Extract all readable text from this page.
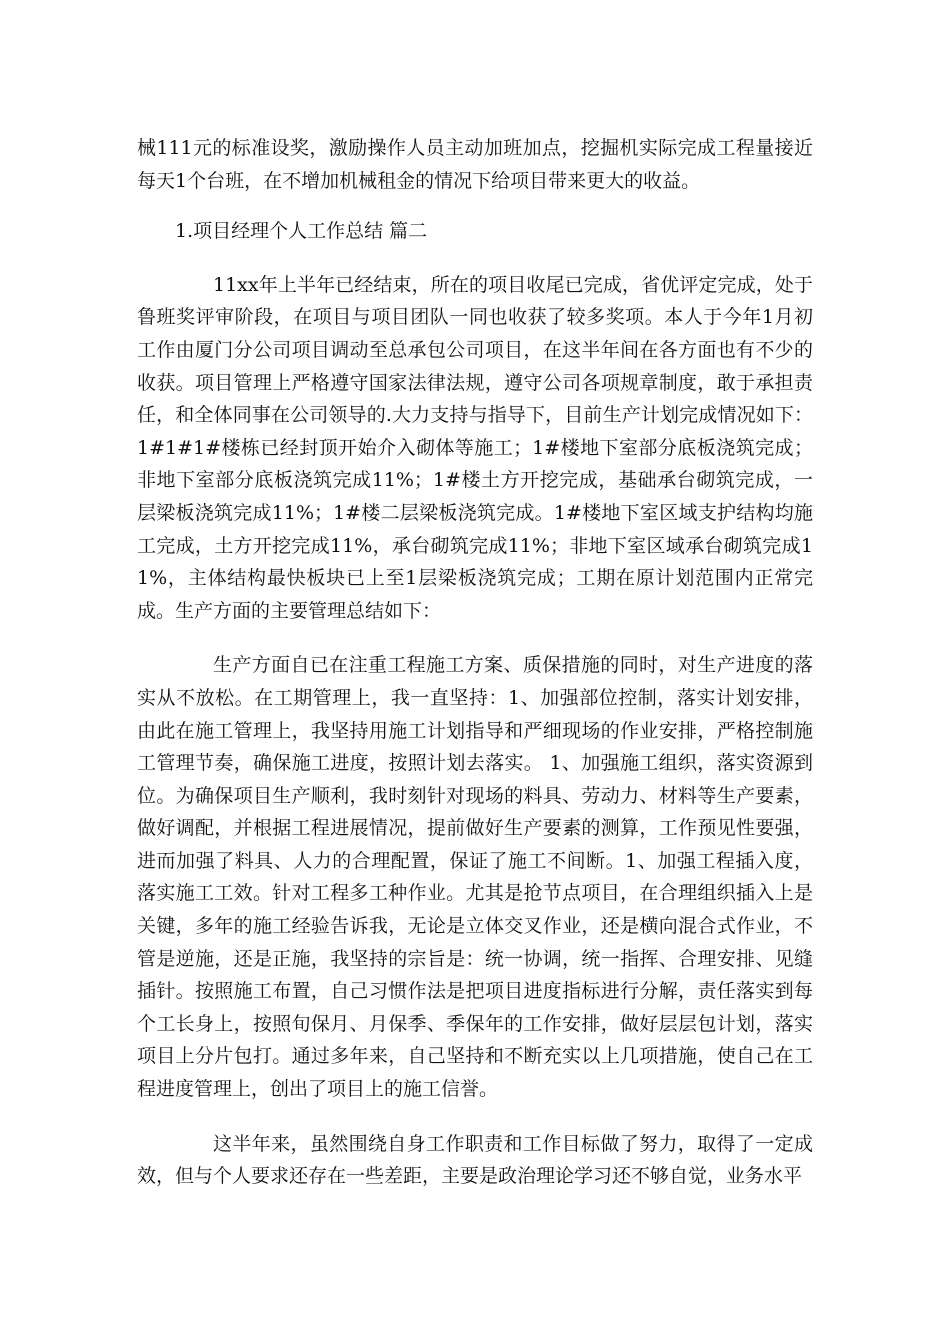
械111元的标准设奖，激励操作人员主动加班加点，挖掘机实际完成工程量接近每天1个台班，在不增加机械租金的情况下给项目带来更大的收益。

1.项目经理个人工作总结 篇二

11xx年上半年已经结束，所在的项目收尾已完成，省优评定完成，处于鲁班奖评审阶段，在项目与项目团队一同也收获了较多奖项。本人于今年1月初工作由厦门分公司项目调动至总承包公司项目，在这半年间在各方面也有不少的收获。项目管理上严格遵守国家法律法规，遵守公司各项规章制度，敢于承担责任，和全体同事在公司领导的.大力支持与指导下，目前生产计划完成情况如下：1#1#1#楼栋已经封顶开始介入砌体等施工；1#楼地下室部分底板浇筑完成；非地下室部分底板浇筑完成11%；1#楼土方开挖完成，基础承台砌筑完成，一层梁板浇筑完成11%；1#楼二层梁板浇筑完成。1#楼地下室区域支护结构均施工完成，土方开挖完成11%，承台砌筑完成11%；非地下室区域承台砌筑完成11%，主体结构最快板块已上至1层梁板浇筑完成；工期在原计划范围内正常完成。生产方面的主要管理总结如下：

生产方面自已在注重工程施工方案、质保措施的同时，对生产进度的落实从不放松。在工期管理上，我一直坚持：1、加强部位控制，落实计划安排，由此在施工管理上，我坚持用施工计划指导和严细现场的作业安排，严格控制施工管理节奏，确保施工进度，按照计划去落实。 1、加强施工组织，落实资源到位。为确保项目生产顺利，我时刻针对现场的料具、劳动力、材料等生产要素，做好调配，并根据工程进展情况，提前做好生产要素的测算，工作预见性要强，进而加强了料具、人力的合理配置，保证了施工不间断。1、加强工程插入度，落实施工工效。针对工程多工种作业。尤其是抢节点项目，在合理组织插入上是关键，多年的施工经验告诉我，无论是立体交叉作业，还是横向混合式作业，不管是逆施，还是正施，我坚持的宗旨是：统一协调，统一指挥、合理安排、见缝插针。按照施工布置，自己习惯作法是把项目进度指标进行分解，责任落实到每个工长身上，按照旬保月、月保季、季保年的工作安排，做好层层包计划，落实项目上分片包打。通过多年来，自己坚持和不断充实以上几项措施，使自己在工程进度管理上，创出了项目上的施工信誉。

这半年来，虽然围绕自身工作职责和工作目标做了努力，取得了一定成效，但与个人要求还存在一些差距，主要是政治理论学习还不够自觉，业务水平
